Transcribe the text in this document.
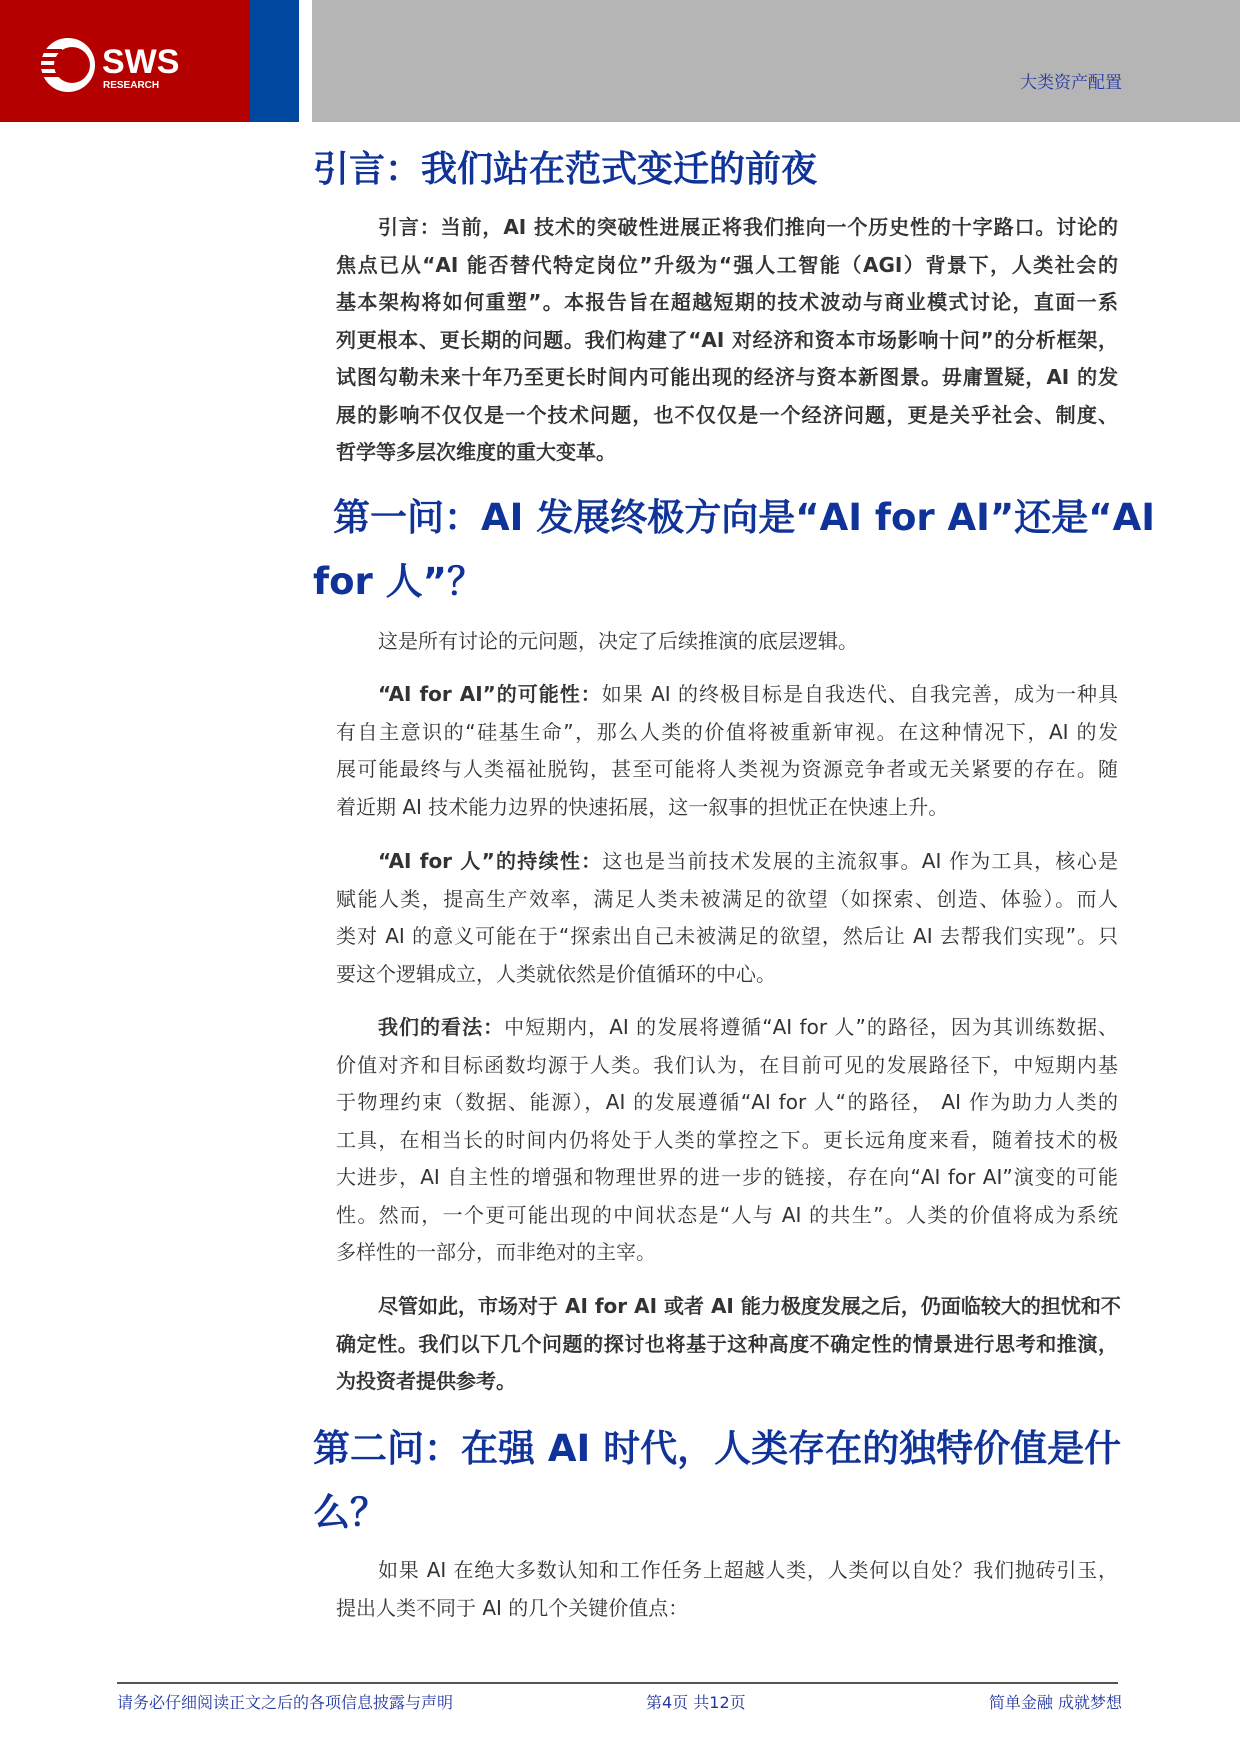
SWS
RESEARCH	大类资产配置
引言：我们站在范式变迁的前夜
引言：当前，AI 技术的突破性进展正将我们推向一个历史性的十字路口。讨论的
焦点已从“AI 能否替代特定岗位”升级为“强人工智能（AGI）背景下，人类社会的
基本架构将如何重塑”。本报告旨在超越短期的技术波动与商业模式讨论，直面一系
列更根本、更长期的问题。我们构建了“AI 对经济和资本市场影响十问”的分析框架，
试图勾勒未来十年乃至更长时间内可能出现的经济与资本新图景。毋庸置疑，AI 的发
展的影响不仅仅是一个技术问题，也不仅仅是一个经济问题，更是关乎社会、制度、
哲学等多层次维度的重大变革。
第一问：AI 发展终极方向是“AI for AI”还是“AI
for 人”？
这是所有讨论的元问题，决定了后续推演的底层逻辑。
“AI for AI”的可能性：如果 AI 的终极目标是自我迭代、自我完善，成为一种具
有自主意识的“硅基生命”，那么人类的价值将被重新审视。在这种情况下，AI 的发
展可能最终与人类福祉脱钩，甚至可能将人类视为资源竞争者或无关紧要的存在。随
着近期 AI 技术能力边界的快速拓展，这一叙事的担忧正在快速上升。
“AI for 人”的持续性：这也是当前技术发展的主流叙事。AI 作为工具，核心是
赋能人类，提高生产效率，满足人类未被满足的欲望（如探索、创造、体验）。而人
类对 AI 的意义可能在于“探索出自己未被满足的欲望，然后让 AI 去帮我们实现”。只
要这个逻辑成立，人类就依然是价值循环的中心。
我们的看法：中短期内，AI 的发展将遵循“AI for 人”的路径，因为其训练数据、
价值对齐和目标函数均源于人类。我们认为，在目前可见的发展路径下，中短期内基
于物理约束（数据、能源），AI 的发展遵循“AI for 人“的路径， AI 作为助力人类的
工具，在相当长的时间内仍将处于人类的掌控之下。更长远角度来看，随着技术的极
大进步，AI 自主性的增强和物理世界的进一步的链接，存在向“AI for AI”演变的可能
性。然而，一个更可能出现的中间状态是“人与 AI 的共生”。人类的价值将成为系统
多样性的一部分，而非绝对的主宰。
尽管如此，市场对于 AI for AI 或者 AI 能力极度发展之后，仍面临较大的担忧和不
确定性。我们以下几个问题的探讨也将基于这种高度不确定性的情景进行思考和推演，
为投资者提供参考。
第二问：在强 AI 时代，人类存在的独特价值是什
么？
如果 AI 在绝大多数认知和工作任务上超越人类，人类何以自处？我们抛砖引玉，
提出人类不同于 AI 的几个关键价值点：
请务必仔细阅读正文之后的各项信息披露与声明	第4页 共12页	简单金融 成就梦想
